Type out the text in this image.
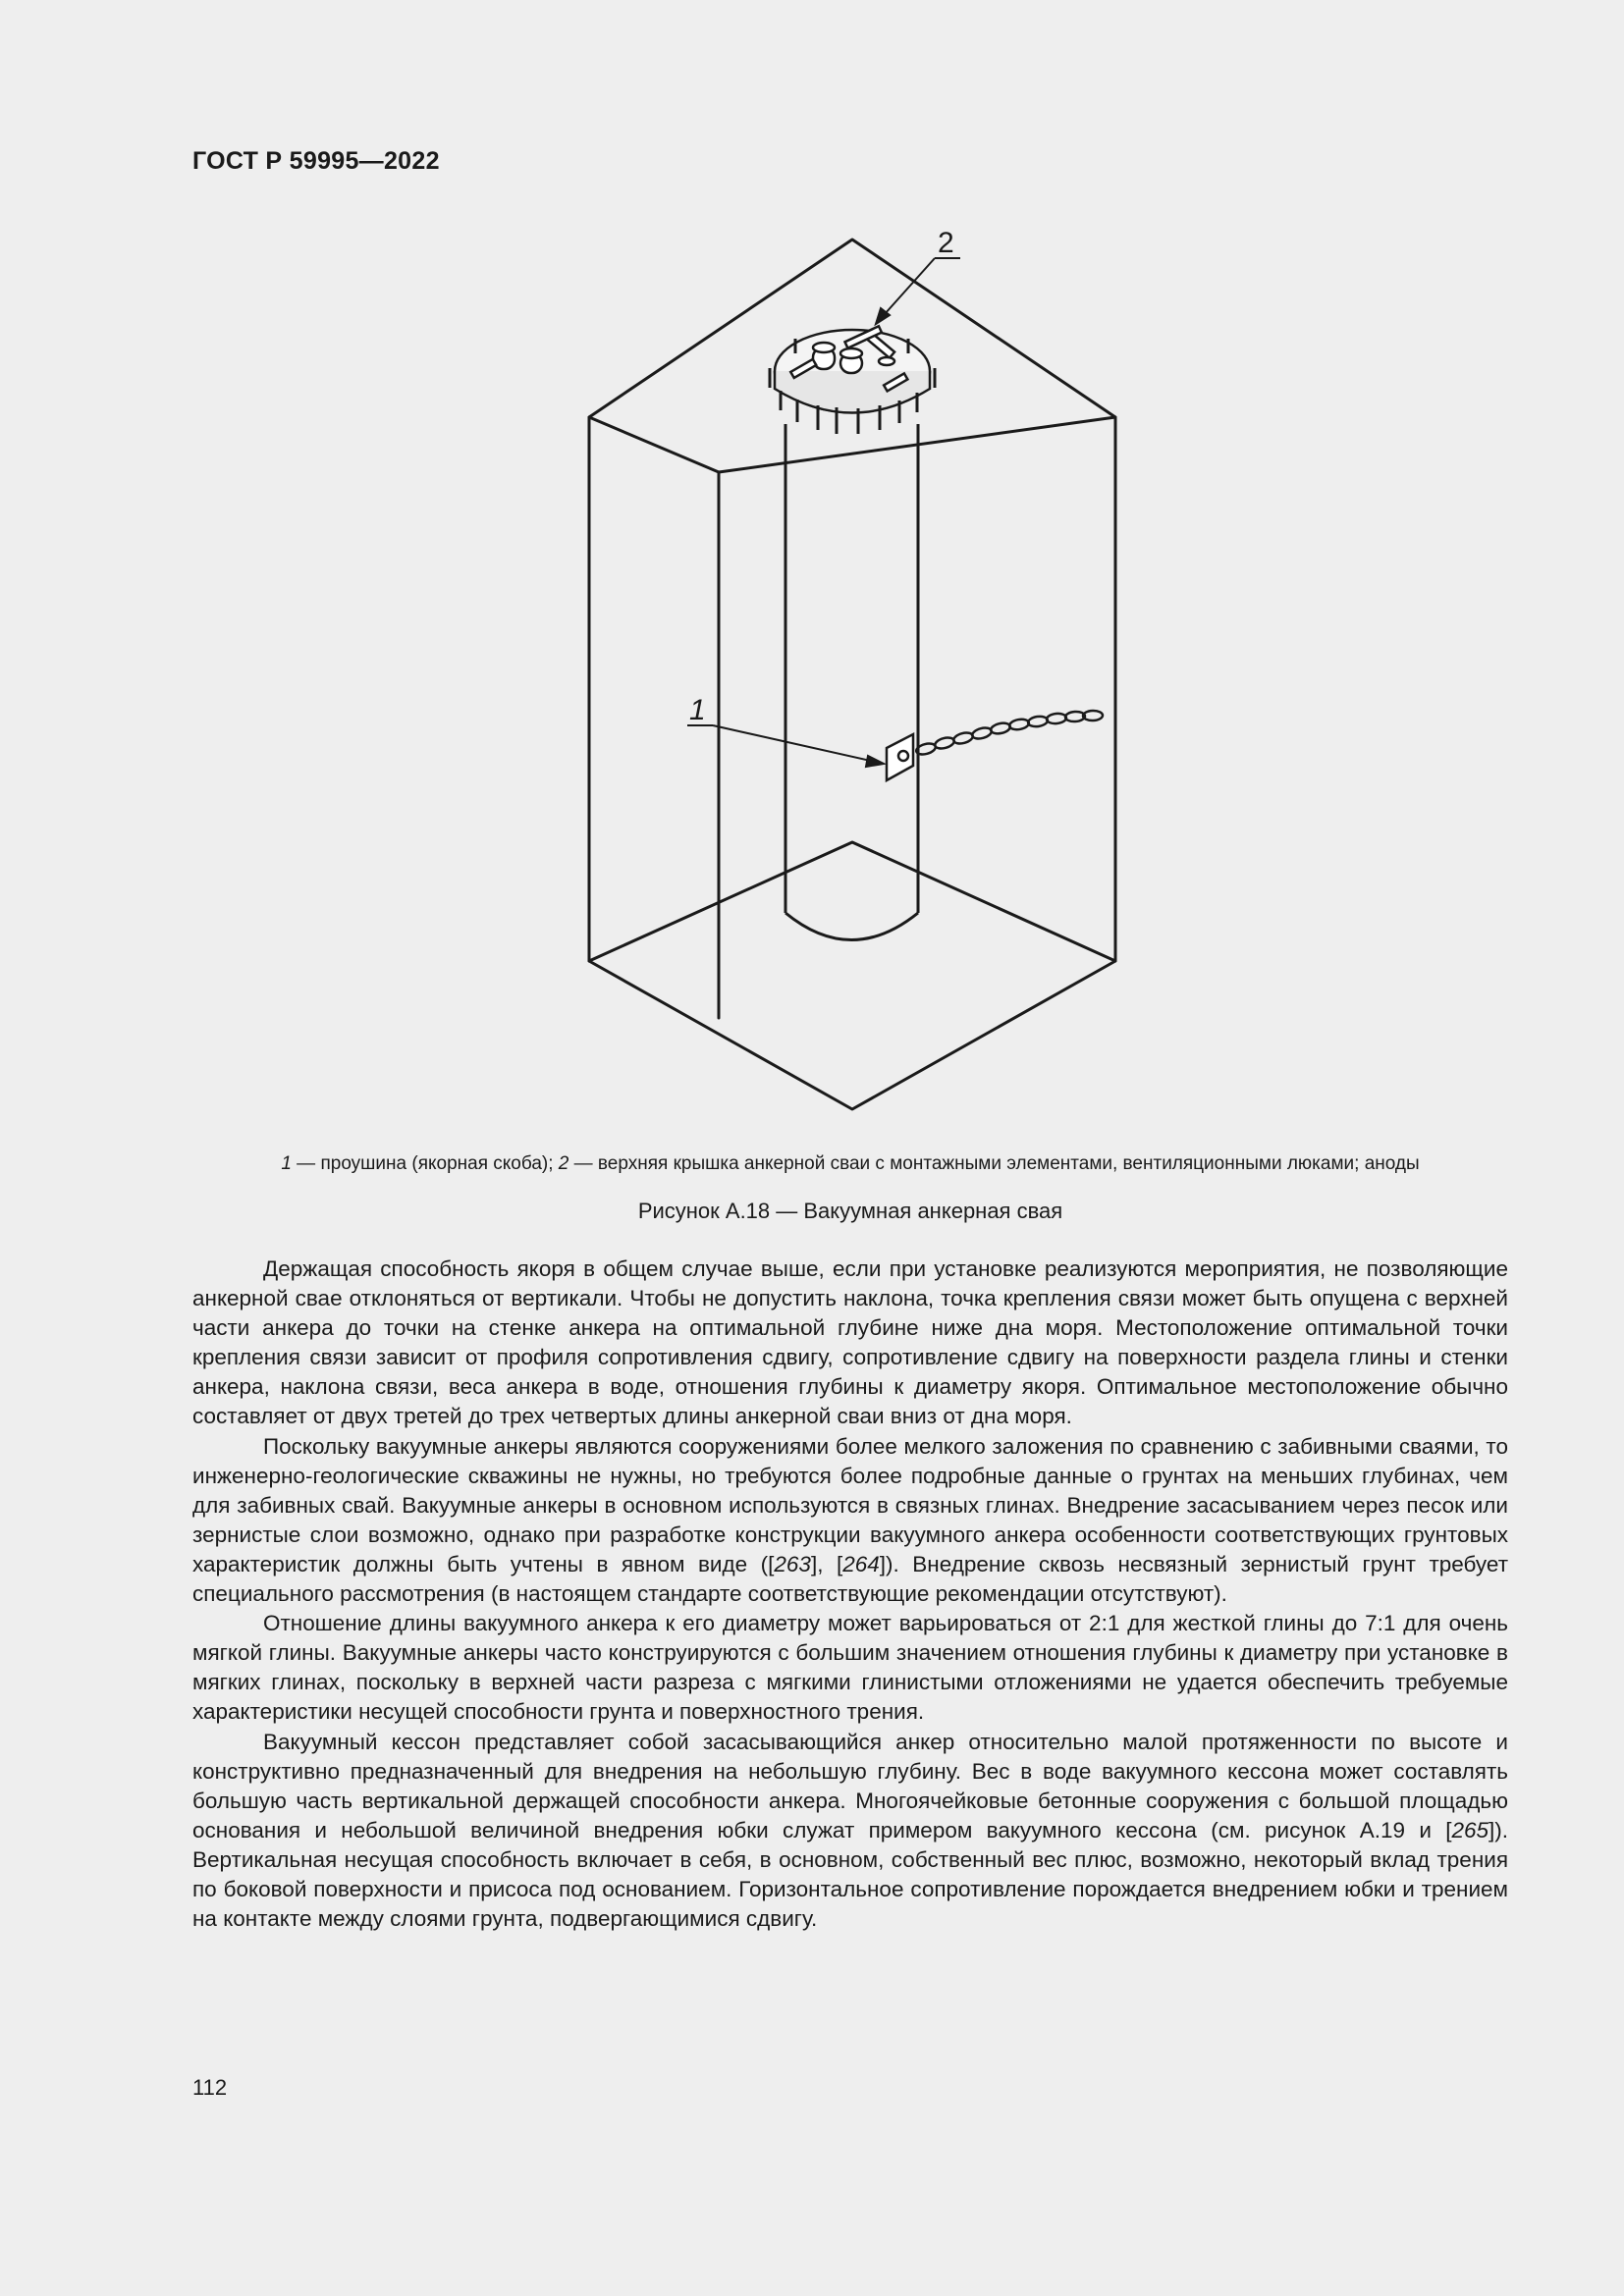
ГОСТ Р 59995—2022
1
2
1 — проушина (якорная скоба); 2 — верхняя крышка анкерной сваи с монтажными элементами, вентиляционными люками; аноды
Рисунок А.18 — Вакуумная анкерная свая

Держащая способность якоря в общем случае выше, если при установке реализуются мероприятия, не позволяющие анкерной свае отклоняться от вертикали. Чтобы не допустить наклона, точка крепления связи может быть опущена с верхней части анкера до точки на стенке анкера на оптимальной глубине ниже дна моря. Местоположение оптимальной точки крепления связи зависит от профиля сопротивления сдвигу, сопротивление сдвигу на поверхности раздела глины и стенки анкера, наклона связи, веса анкера в воде, отношения глубины к диаметру якоря. Оптимальное местоположение обычно составляет от двух третей до трех четвертых длины анкерной сваи вниз от дна моря.

Поскольку вакуумные анкеры являются сооружениями более мелкого заложения по сравнению с забивными сваями, то инженерно-геологические скважины не нужны, но требуются более подробные данные о грунтах на меньших глубинах, чем для забивных свай. Вакуумные анкеры в основном используются в связных глинах. Внедрение засасыванием через песок или зернистые слои возможно, однако при разработке конструкции вакуумного анкера особенности соответствующих грунтовых характеристик должны быть учтены в явном виде ([263], [264]). Внедрение сквозь несвязный зернистый грунт требует специального рассмотрения (в настоящем стандарте соответствующие рекомендации отсутствуют).

Отношение длины вакуумного анкера к его диаметру может варьироваться от 2:1 для жесткой глины до 7:1 для очень мягкой глины. Вакуумные анкеры часто конструируются с большим значением отношения глубины к диаметру при установке в мягких глинах, поскольку в верхней части разреза с мягкими глинистыми отложениями не удается обеспечить требуемые характеристики несущей способности грунта и поверхностного трения.

Вакуумный кессон представляет собой засасывающийся анкер относительно малой протяженности по высоте и конструктивно предназначенный для внедрения на небольшую глубину. Вес в воде вакуумного кессона может составлять большую часть вертикальной держащей способности анкера. Многоячейковые бетонные сооружения с большой площадью основания и небольшой величиной внедрения юбки служат примером вакуумного кессона (см. рисунок А.19 и [265]). Вертикальная несущая способность включает в себя, в основном, собственный вес плюс, возможно, некоторый вклад трения по боковой поверхности и присоса под основанием. Горизонтальное сопротивление порождается внедрением юбки и трением на контакте между слоями грунта, подвергающимися сдвигу.

112
